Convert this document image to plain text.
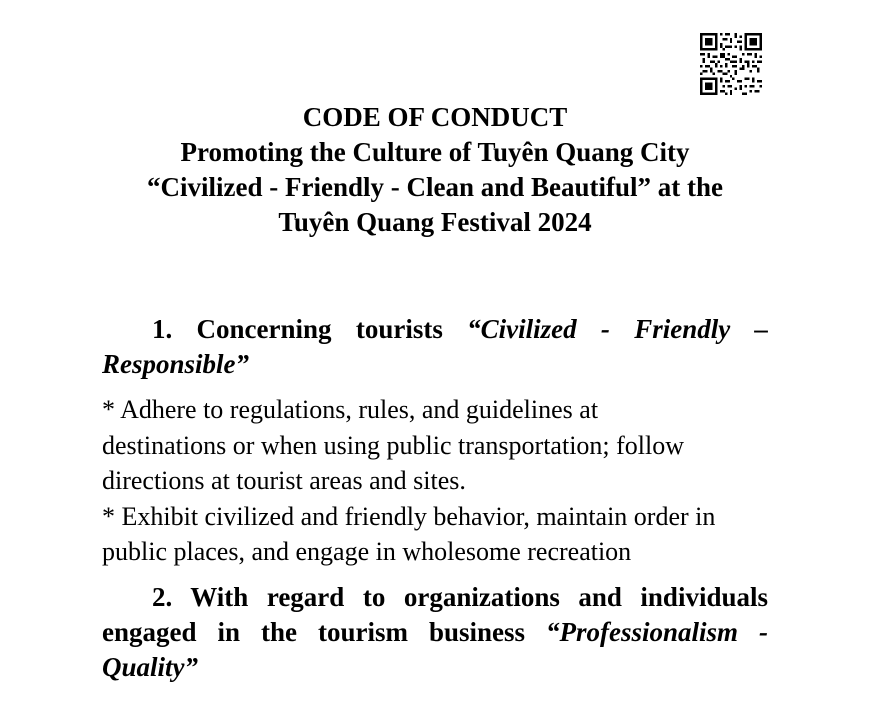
CODE OF CONDUCT
Promoting the Culture of Tuyên Quang City
“Civilized - Friendly - Clean and Beautiful” at the
Tuyên Quang Festival 2024

1. Concerning tourists “Civilized - Friendly – Responsible”

* Adhere to regulations, rules, and guidelines at destinations or when using public transportation; follow directions at tourist areas and sites.

* Exhibit civilized and friendly behavior, maintain order in public places, and engage in wholesome recreation

2. With regard to organizations and individuals engaged in the tourism business “Professionalism - Quality”
